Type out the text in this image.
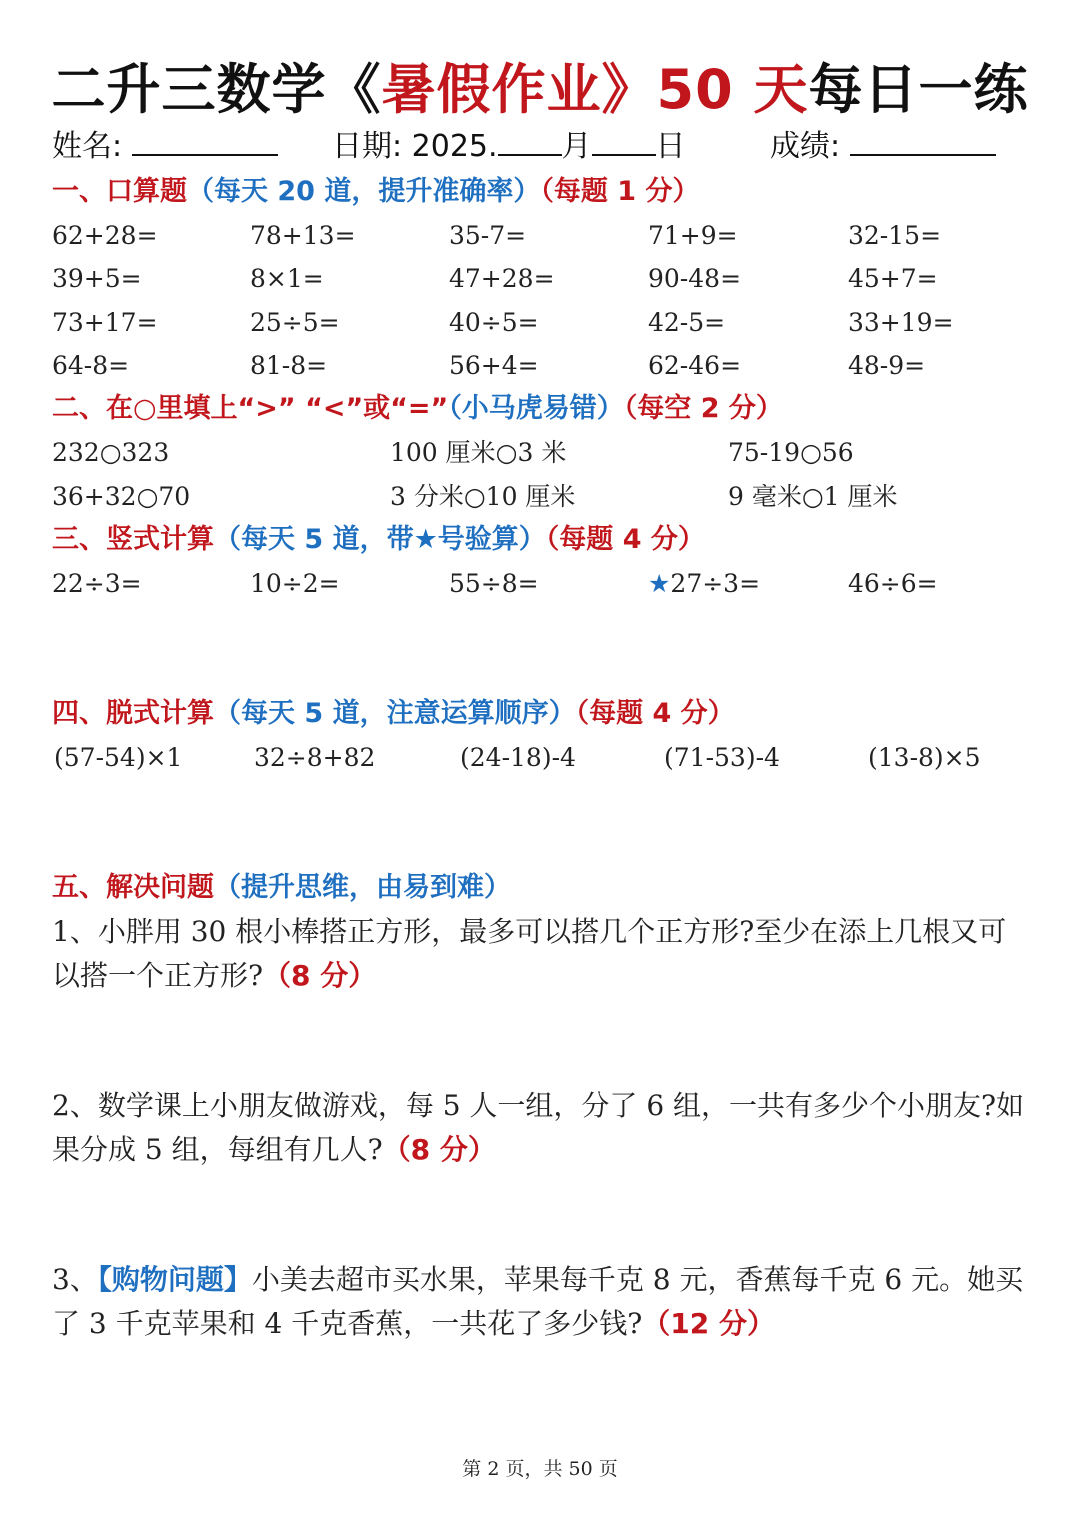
二升三数学《暑假作业》50 天每日一练
姓名:	日期: 2025. 月 日	成绩:
一、口算题（每天 20 道，提升准确率）（每题 1 分）
62+28=	78+13=	35-7=	71+9=	32-15=
39+5=	8×1=	47+28=	90-48=	45+7=
73+17=	25÷5=	40÷5=	42-5=	33+19=
64-8=	81-8=	56+4=	62-46=	48-9=
二、在○里填上“>” “<”或“=”（小马虎易错）（每空 2 分）
232○323	100 厘米○3 米	75-19○56
36+32○70	3 分米○10 厘米	9 毫米○1 厘米
三、竖式计算（每天 5 道，带★号验算）（每题 4 分）
22÷3=	10÷2=	55÷8=	★27÷3=	46÷6=
四、脱式计算（每天 5 道，注意运算顺序）（每题 4 分）
(57-54)×1	32÷8+82	(24-18)-4	(71-53)-4	(13-8)×5
五、解决问题（提升思维，由易到难）
1、小胖用 30 根小棒搭正方形，最多可以搭几个正方形?至少在添上几根又可以搭一个正方形?（8 分）
2、数学课上小朋友做游戏，每 5 人一组，分了 6 组，一共有多少个小朋友?如果分成 5 组，每组有几人?（8 分）
3、【购物问题】小美去超市买水果，苹果每千克 8 元，香蕉每千克 6 元。她买了 3 千克苹果和 4 千克香蕉，一共花了多少钱?（12 分）
第 2 页，共 50 页
